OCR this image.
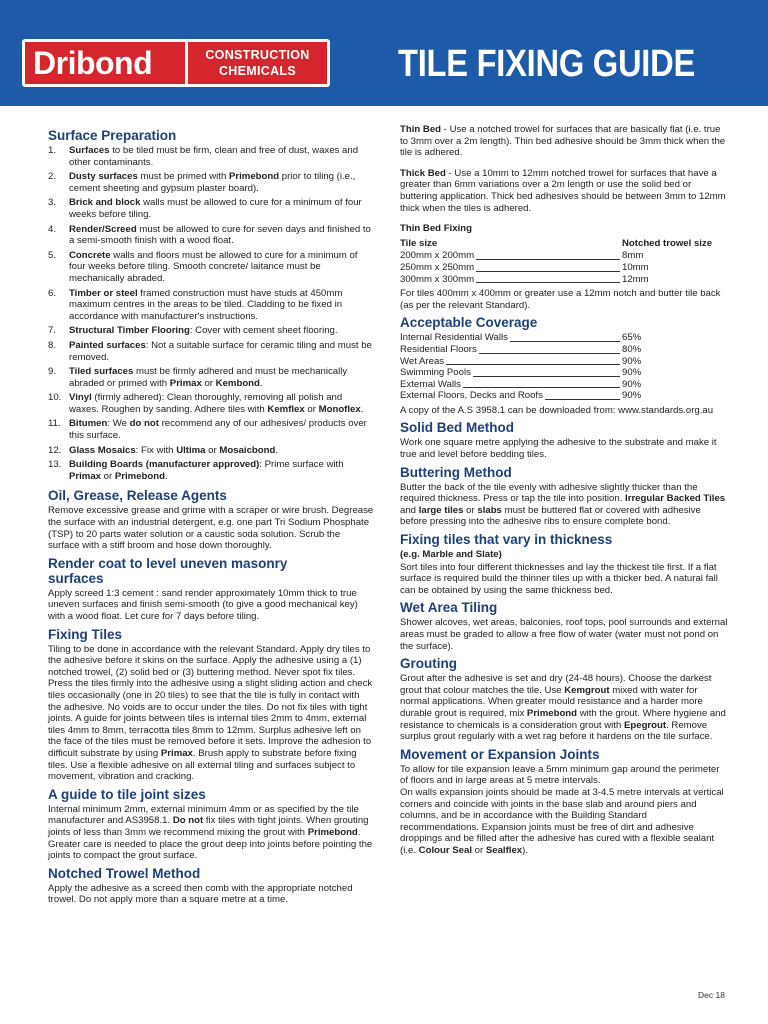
Dribond	CONSTRUCTION
CHEMICALS	TILE FIXING GUIDE
Surface Preparation
1.	Surfaces to be tiled must be firm, clean and free of dust, waxes and other contaminants.
2.	Dusty surfaces must be primed with Primebond prior to tiling (i.e., cement sheeting and gypsum plaster board).
3.	Brick and block walls must be allowed to cure for a minimum of four weeks before tiling.
4.	Render/Screed must be allowed to cure for seven days and finished to a semi-smooth finish with a wood float.
5.	Concrete walls and floors must be allowed to cure for a minimum of four weeks before tiling. Smooth concrete/ laitance must be mechanically abraded.
6.	Timber or steel framed construction must have studs at 450mm maximum centres in the areas to be tiled. Cladding to be fixed in accordance with manufacturer's instructions.
7.	Structural Timber Flooring: Cover with cement sheet flooring.
8.	Painted surfaces: Not a suitable surface for ceramic tiling and must be removed.
9.	Tiled surfaces must be firmly adhered and must be mechanically abraded or primed with Primax or Kembond.
10. Vinyl (firmly adhered): Clean thoroughly, removing all polish and waxes. Roughen by sanding. Adhere tiles with Kemflex or Monoflex.
11. Bitumen: We do not recommend any of our adhesives/ products over this surface.
12. Glass Mosaics: Fix with Ultima or Mosaicbond.
13. Building Boards (manufacturer approved): Prime surface with Primax or Primebond.
Oil, Grease, Release Agents

Remove excessive grease and grime with a scraper or wire brush. Degrease the surface with an industrial detergent, e.g. one part Tri Sodium Phosphate (TSP) to 20 parts water solution or a caustic soda solution. Scrub the surface with a stiff broom and hose down thoroughly.

Render coat to level uneven masonry surfaces

Apply screed 1:3 cement : sand render approximately 10mm thick to true uneven surfaces and finish semi-smooth (to give a good mechanical key) with a wood float. Let cure for 7 days before tiling.

Fixing Tiles

Tiling to be done in accordance with the relevant Standard. Apply dry tiles to the adhesive before it skins on the surface. Apply the adhesive using a (1) notched trowel, (2) solid bed or (3) buttering method. Never spot fix tiles. Press the tiles firmly into the adhesive using a slight sliding action and check tiles occasionally (one in 20 tiles) to see that the tile is fully in contact with the adhesive. No voids are to occur under the tiles. Do not fix tiles with tight joints. A guide for joints between tiles is internal tiles 2mm to 4mm, external tiles 4mm to 8mm, terracotta tiles 8mm to 12mm. Surplus adhesive left on the face of the tiles must be removed before it sets. Improve the adhesion to difficult substrate by using Primax. Brush apply to substrate before fixing tiles. Use a flexible adhesive on all external tiling and surfaces subject to movement, vibration and cracking.

A guide to tile joint sizes

Internal minimum 2mm, external minimum 4mm or as specified by the tile manufacturer and AS3958.1. Do not fix tiles with tight joints. When grouting joints of less than 3mm we recommend mixing the grout with Primebond. Greater care is needed to place the grout deep into joints before pointing the joints to compact the grout surface.

Notched Trowel Method

Apply the adhesive as a screed then comb with the appropriate notched trowel. Do not apply more than a square metre at a time.

Thin Bed - Use a notched trowel for surfaces that are basically flat (i.e. true to 3mm over a 2m length). Thin bed adhesive should be 3mm thick when the tile is adhered.

Thick Bed - Use a 10mm to 12mm notched trowel for surfaces that have a greater than 6mm variations over a 2m length or use the solid bed or buttering application. Thick bed adhesives should be between 3mm to 12mm thick when the tiles is adhered.

Thin Bed Fixing
Tile size	Notched trowel size
200mm x 200mm	8mm
250mm x 250mm	10mm
300mm x 300mm	12mm

For tiles 400mm x 400mm or greater use a 12mm notch and butter tile back (as per the relevant Standard).

Acceptable Coverage
Internal Residential Walls	65%
Residential Floors	80%
Wet Areas	90%
Swimming Pools	90%
External Walls	90%
External Floors, Decks and Roofs	90%

A copy of the A.S 3958.1 can be downloaded from: www.standards.org.au

Solid Bed Method

Work one square metre applying the adhesive to the substrate and make it true and level before bedding tiles.

Buttering Method

Butter the back of the tile evenly with adhesive slightly thicker than the required thickness. Press or tap the tile into position. Irregular Backed Tiles and large tiles or slabs must be buttered flat or covered with adhesive before pressing into the adhesive ribs to ensure complete bond.

Fixing tiles that vary in thickness
(e.g. Marble and Slate)

Sort tiles into four different thicknesses and lay the thickest tile first. If a flat surface is required build the thinner tiles up with a thicker bed. A natural fall can be obtained by using the same thickness bed.

Wet Area Tiling

Shower alcoves, wet areas, balconies, roof tops, pool surrounds and external areas must be graded to allow a free flow of water (water must not pond on the surface).

Grouting

Grout after the adhesive is set and dry (24-48 hours). Choose the darkest grout that colour matches the tile. Use Kemgrout mixed with water for normal applications. When greater mould resistance and a harder more durable grout is required, mix Primebond with the grout. Where hygiene and resistance to chemicals is a consideration grout with Epegrout. Remove surplus grout regularly with a wet rag before it hardens on the tile surface.

Movement or Expansion Joints

To allow for tile expansion leave a 5mm minimum gap around the perimeter of floors and in large areas at 5 metre intervals.
On walls expansion joints should be made at 3-4.5 metre intervals at vertical corners and coincide with joints in the base slab and around piers and columns, and be in accordance with the Building Standard recommendations. Expansion joints must be free of dirt and adhesive droppings and be filled after the adhesive has cured with a flexible sealant (i.e. Colour Seal or Sealflex).

Dec 18
